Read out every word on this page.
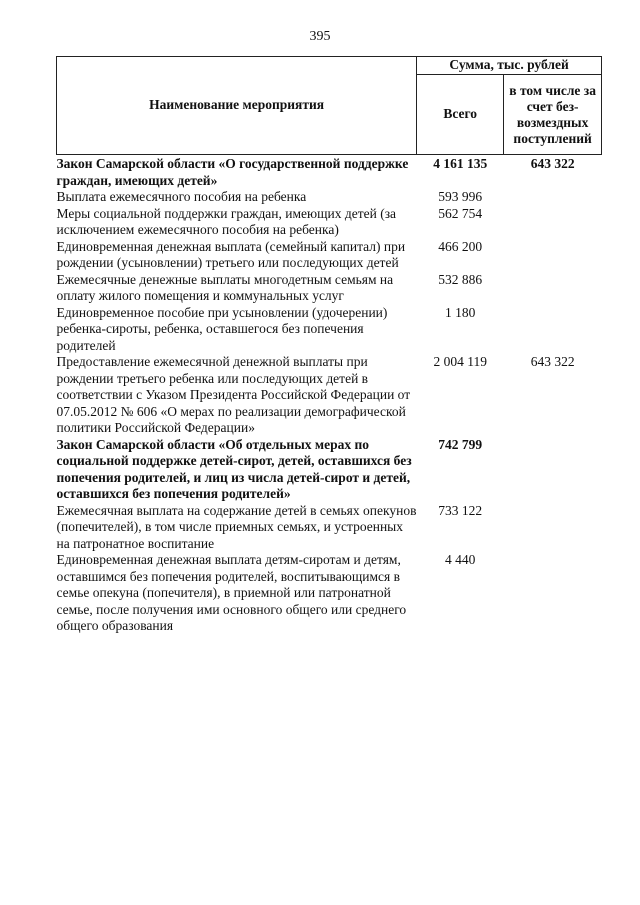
395
Наименование мероприятия	Сумма, тыс. рублей	
	Всего	в том числе за счет без-возмездных поступлений
Закон Самарской области «О государственной поддержке граждан, имеющих детей»	4 161 135	643 322
Выплата ежемесячного пособия на ребенка	593 996	
Меры социальной поддержки граждан, имеющих детей (за исключением ежемесячного пособия на ребенка)	562 754	
Единовременная денежная выплата (семейный капитал) при рождении (усыновлении) третьего или последующих детей	466 200	
Ежемесячные денежные выплаты многодетным семьям на оплату жилого помещения и коммунальных услуг	532 886	
Единовременное пособие при усыновлении (удочерении) ребенка-сироты, ребенка, оставшегося без попечения родителей	1 180	
Предоставление ежемесячной денежной выплаты при рождении третьего ребенка или последующих детей в соответствии с Указом Президента Российской Федерации от 07.05.2012 № 606 «О мерах по реализации демографической политики Российской Федерации»	2 004 119	643 322
Закон Самарской области «Об отдельных мерах по социальной поддержке детей-сирот, детей, оставшихся без попечения родителей, и лиц из числа детей-сирот и детей, оставшихся без попечения родителей»	742 799	
Ежемесячная выплата на содержание детей в семьях опекунов (попечителей), в том числе приемных семьях, и устроенных на патронатное воспитание	733 122	
Единовременная денежная выплата детям-сиротам и детям, оставшимся без попечения родителей, воспитывающимся в семье опекуна (попечителя), в приемной или патронатной семье, после получения ими основного общего или среднего общего образования	4 440	
